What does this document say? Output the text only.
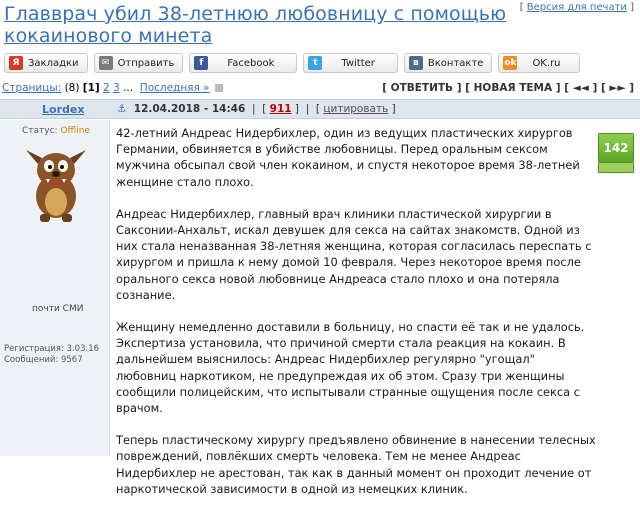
Главврач убил 38-летнюю любовницу с помощью кокаинового минета
[ Версия для печати ]
Я Закладки	✉ Отправить	f	Facebook	t	Twitter	в Вконтакте ok	OK.ru
Страницы: (8) [1] 2 3 ... Последняя »	[ ОТВЕТИТЬ ] [ НОВАЯ ТЕМА ] [ ◄◄ ] [ ►► ]
Lordex	⚓ 12.04.2018 - 14:46  |  [ 911 ]  |  [ цитировать ]
Статус: Offline
почти СМИ
Регистрация: 3.03.16
Сообщений: 9567

42-летний Андреас Нидербихлер, один из ведущих пластических хирургов Германии, обвиняется в убийстве любовницы. Перед оральным сексом мужчина обсыпал свой член кокаином, и спустя некоторое время 38-летней женщине стало плохо.

Андреас Нидербихлер, главный врач клиники пластической хирургии в Саксонии-Анхальт, искал девушек для секса на сайтах знакомств. Одной из них стала неназванная 38-летняя женщина, которая согласилась переспать с хирургом и пришла к нему домой 10 февраля. Через некоторое время после орального секса новой любовнице Андреаса стало плохо и она потеряла сознание.

Женщину немедленно доставили в больницу, но спасти её так и не удалось. Экспертиза установила, что причиной смерти стала реакция на кокаин. В дальнейшем выяснилось: Андреас Нидербихлер регулярно "угощал" любовниц наркотиком, не предупреждая их об этом. Сразу три женщины сообщили полицейским, что испытывали странные ощущения после секса с врачом.

Теперь пластическому хирургу предъявлено обвинение в нанесении телесных повреждений, повлёкших смерть человека. Тем не менее Андреас Нидербихлер не арестован, так как в данный момент он проходит лечение от наркотической зависимости в одной из немецких клиник.

142
